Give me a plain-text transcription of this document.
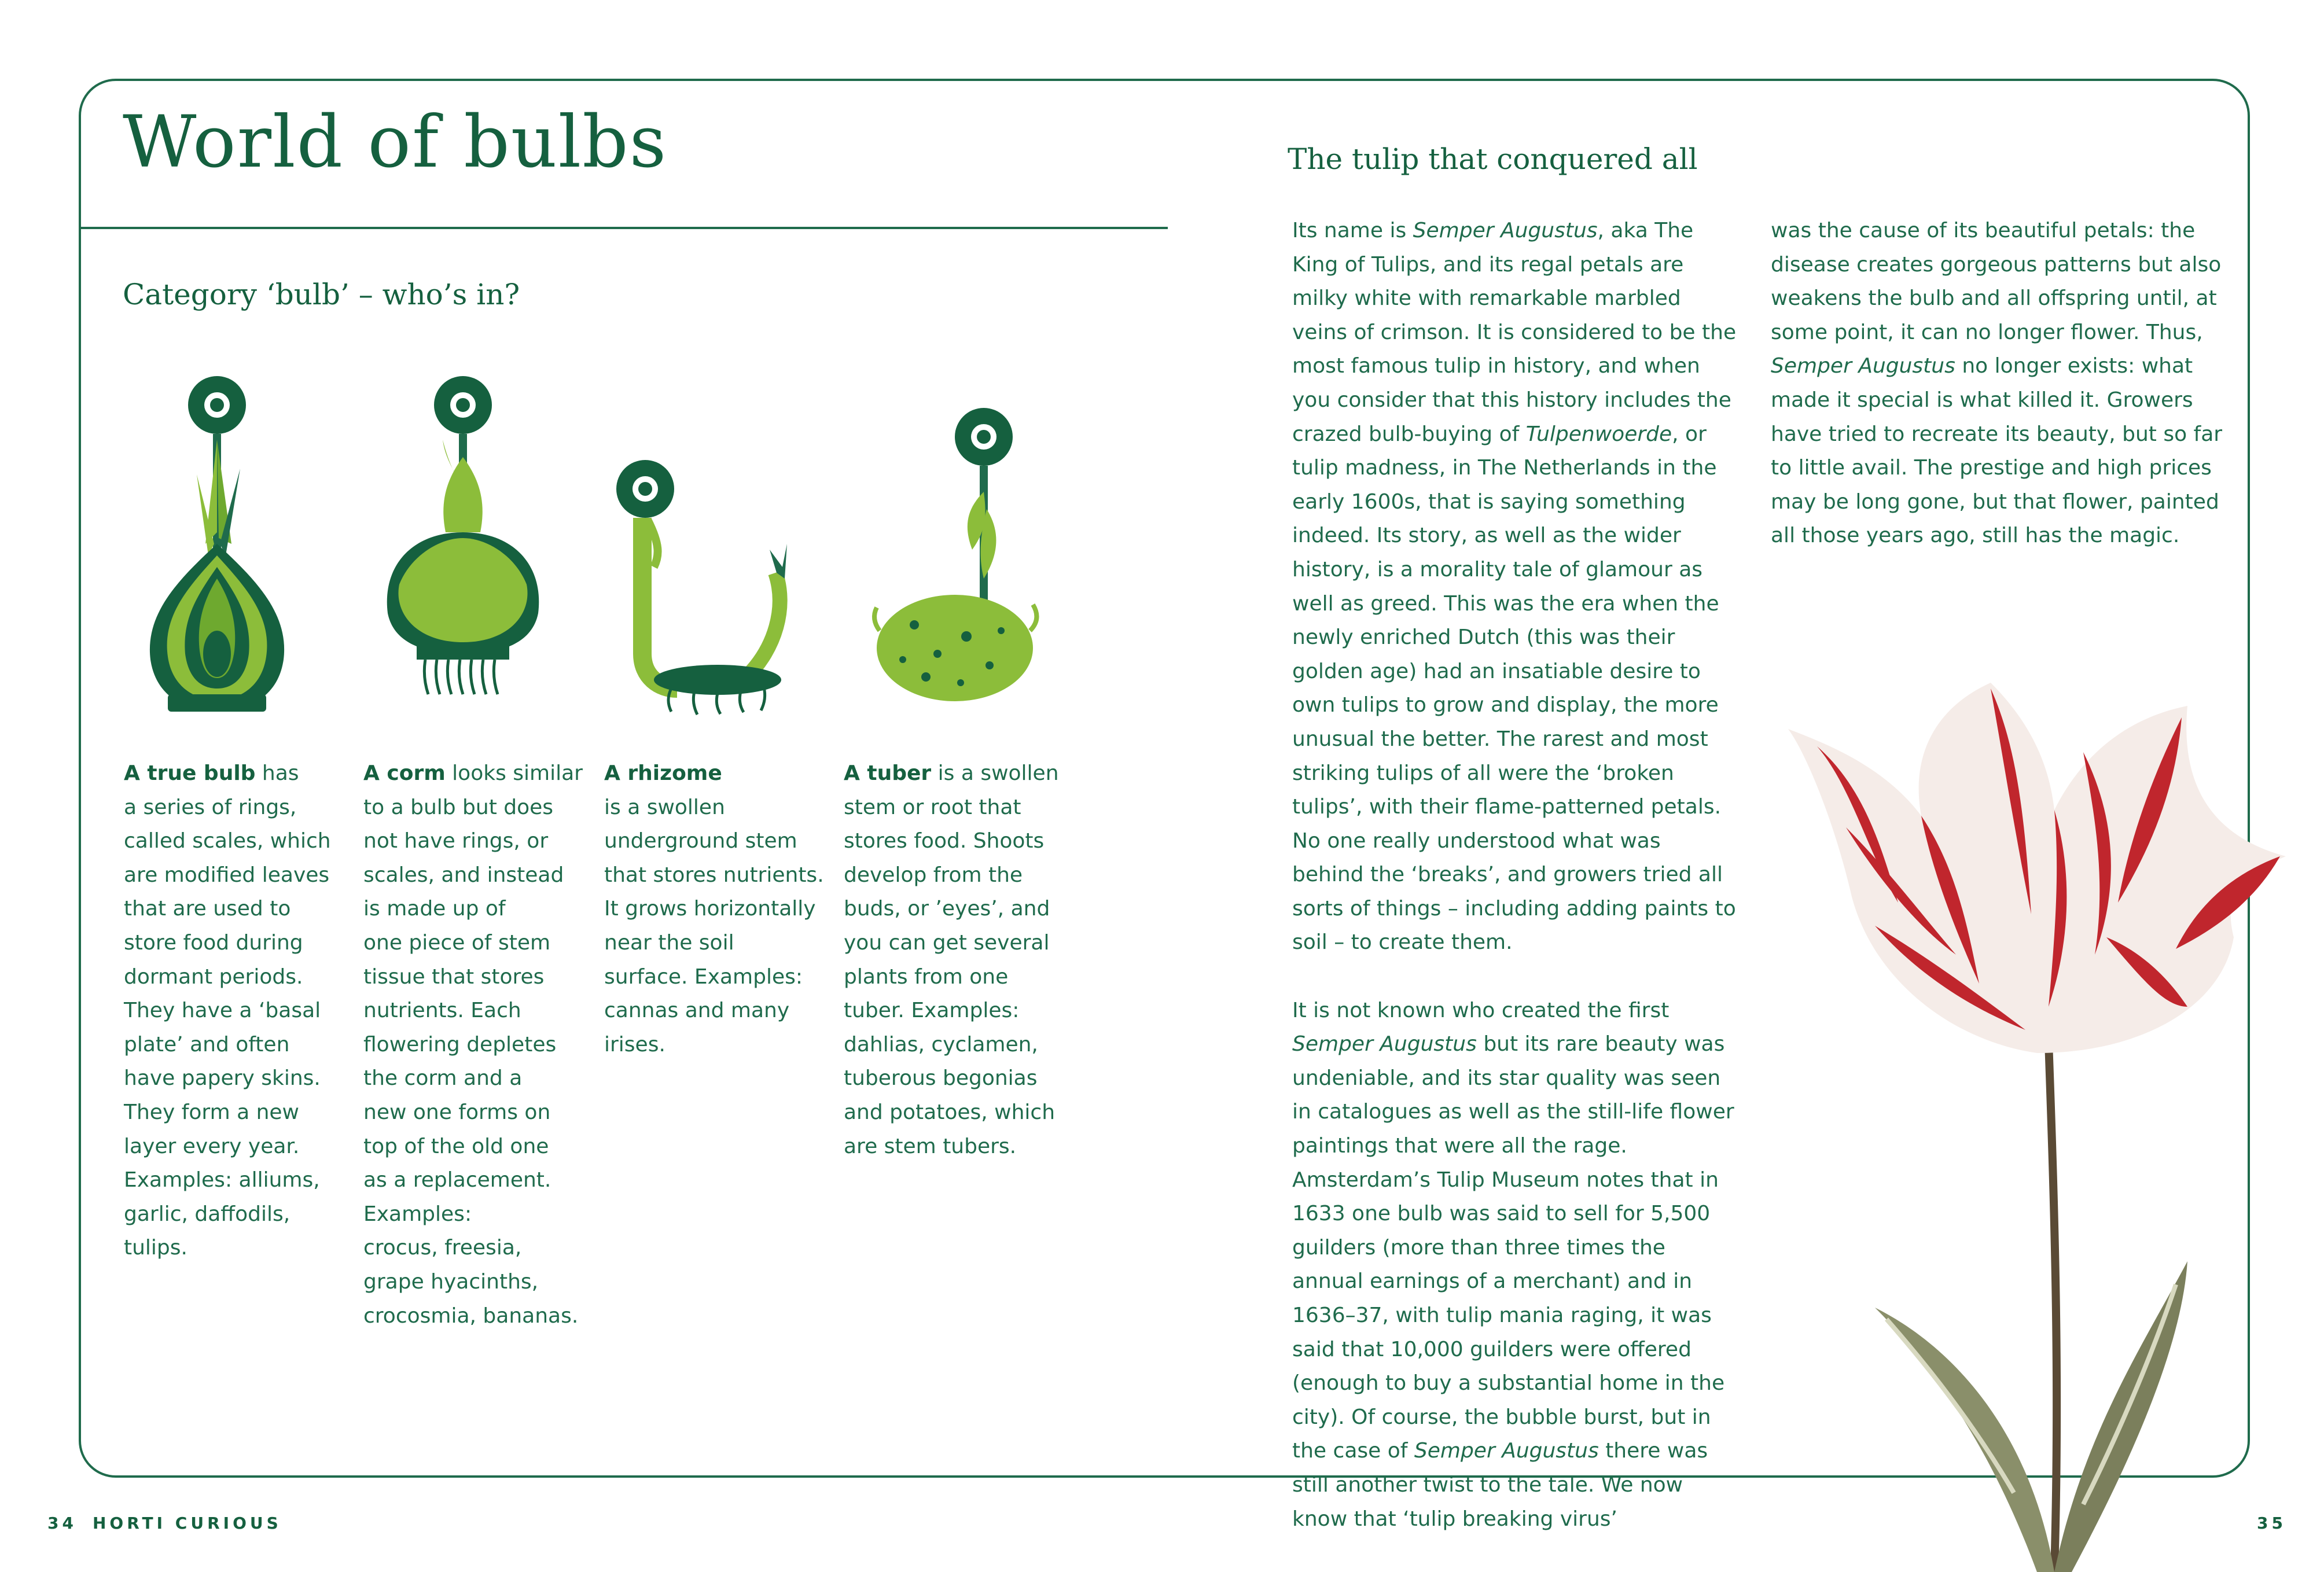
World of bulbs
Category ‘bulb’ – who’s in?
The tulip that conquered all
A true bulb has
a series of rings,
called scales, which
are modified leaves
that are used to
store food during
dormant periods.
They have a ‘basal
plate’ and often
have papery skins.
They form a new
layer every year.
Examples: alliums,
garlic, daffodils,
tulips.
A corm looks similar
to a bulb but does
not have rings, or
scales, and instead
is made up of
one piece of stem
tissue that stores
nutrients. Each
flowering depletes
the corm and a
new one forms on
top of the old one
as a replacement.
Examples:
crocus, freesia,
grape hyacinths,
crocosmia, bananas.
A rhizome
is a swollen
underground stem
that stores nutrients.
It grows horizontally
near the soil
surface. Examples:
cannas and many
irises.
A tuber is a swollen
stem or root that
stores food. Shoots
develop from the
buds, or ’eyes’, and
you can get several
plants from one
tuber. Examples:
dahlias, cyclamen,
tuberous begonias
and potatoes, which
are stem tubers.

Its name is Semper Augustus, aka The King of Tulips, and its regal petals are milky white with remarkable marbled veins of crimson. It is considered to be the most famous tulip in history, and when you consider that this history includes the crazed bulb-buying of Tulpenwoerde, or tulip madness, in The Netherlands in the early 1600s, that is saying something indeed. Its story, as well as the wider history, is a morality tale of glamour as well as greed. This was the era when the newly enriched Dutch (this was their golden age) had an insatiable desire to own tulips to grow and display, the more unusual the better. The rarest and most striking tulips of all were the ‘broken tulips’, with their flame-patterned petals. No one really understood what was behind the ‘breaks’, and growers tried all sorts of things – including adding paints to soil – to create them.

It is not known who created the first Semper Augustus but its rare beauty was undeniable, and its star quality was seen in catalogues as well as the still-life flower paintings that were all the rage. Amsterdam’s Tulip Museum notes that in 1633 one bulb was said to sell for 5,500 guilders (more than three times the annual earnings of a merchant) and in 1636–37, with tulip mania raging, it was said that 10,000 guilders were offered (enough to buy a substantial home in the city). Of course, the bubble burst, but in the case of Semper Augustus there was still another twist to the tale. We now know that ‘tulip breaking virus’

was the cause of its beautiful petals: the disease creates gorgeous patterns but also weakens the bulb and all offspring until, at some point, it can no longer flower. Thus, Semper Augustus no longer exists: what made it special is what killed it. Growers have tried to recreate its beauty, but so far to little avail. The prestige and high prices may be long gone, but that flower, painted all those years ago, still has the magic.

34 HORTI CURIOUS	35
